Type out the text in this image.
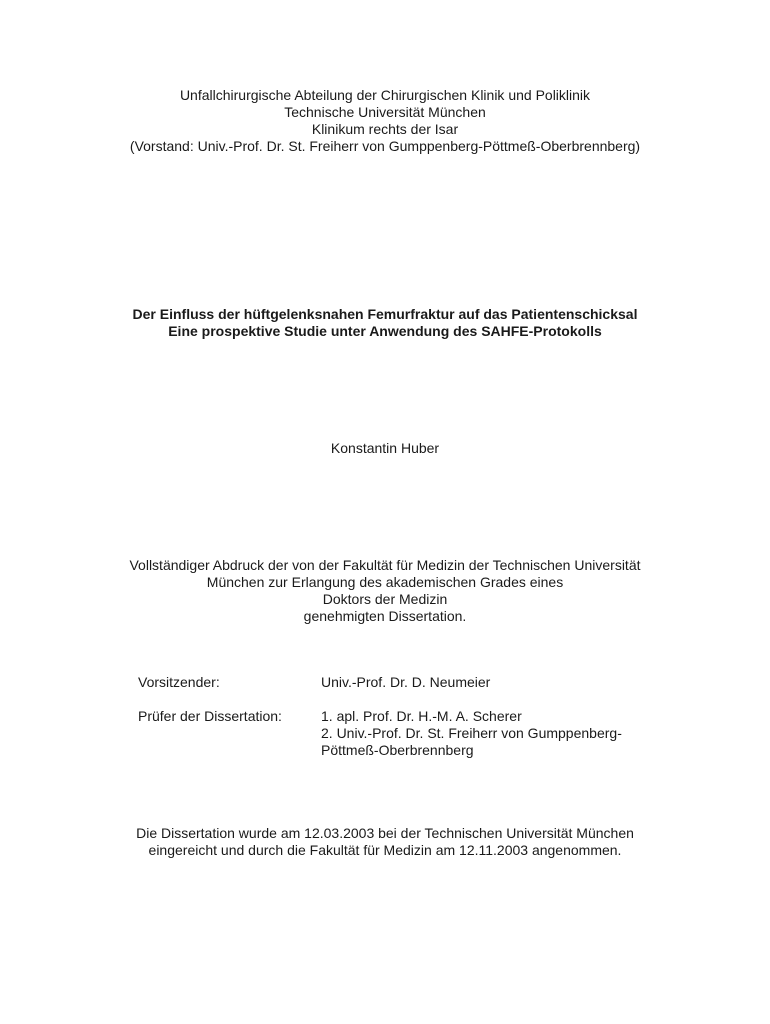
Unfallchirurgische Abteilung der Chirurgischen Klinik und Poliklinik
Technische Universität München
Klinikum rechts der Isar
(Vorstand: Univ.-Prof. Dr. St. Freiherr von Gumppenberg-Pöttmeß-Oberbrennberg)
Der Einfluss der hüftgelenksnahen Femurfraktur auf das Patientenschicksal
Eine prospektive Studie unter Anwendung des SAHFE-Protokolls
Konstantin Huber
Vollständiger Abdruck der von der Fakultät für Medizin der Technischen Universität
München zur Erlangung des akademischen Grades eines
Doktors der Medizin
genehmigten Dissertation.
Vorsitzender:	Univ.-Prof. Dr. D. Neumeier
Prüfer der Dissertation:	1. apl. Prof. Dr. H.-M. A. Scherer
2. Univ.-Prof. Dr. St. Freiherr von Gumppenberg-
Pöttmeß-Oberbrennberg
Die Dissertation wurde am 12.03.2003 bei der Technischen Universität München
eingereicht und durch die Fakultät für Medizin am 12.11.2003 angenommen.
